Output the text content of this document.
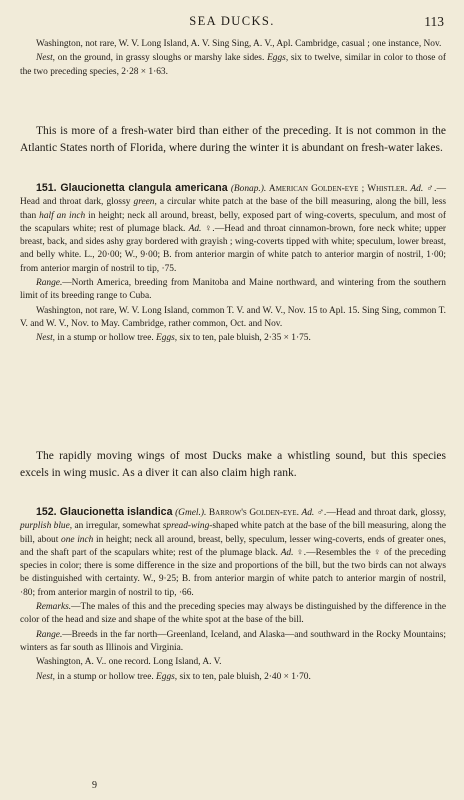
SEA DUCKS.	113

Washington, not rare, W. V. Long Island, A. V. Sing Sing, A. V., Apl. Cambridge, casual ; one instance, Nov.

Nest, on the ground, in grassy sloughs or marshy lake sides. Eggs, six to twelve, similar in color to those of the two preceding species, 2·28 × 1·63.

This is more of a fresh-water bird than either of the preceding. It is not common in the Atlantic States north of Florida, where during the winter it is abundant on fresh-water lakes.

151. Glaucionetta clangula americana (Bonap.). American Golden-eye ; Whistler. Ad. ♂.—Head and throat dark, glossy green, a circular white patch at the base of the bill measuring, along the bill, less than half an inch in height; neck all around, breast, belly, exposed part of wing-coverts, speculum, and most of the scapulars white; rest of plumage black. Ad. ♀.—Head and throat cinnamon-brown, fore neck white; upper breast, back, and sides ashy gray bordered with grayish ; wing-coverts tipped with white; speculum, lower breast, and belly white. L., 20·00; W., 9·00; B. from anterior margin of white patch to anterior margin of nostril, 1·00; from anterior margin of nostril to tip, ·75.

Range.—North America, breeding from Manitoba and Maine northward, and wintering from the southern limit of its breeding range to Cuba.

Washington, not rare, W. V. Long Island, common T. V. and W. V., Nov. 15 to Apl. 15. Sing Sing, common T. V. and W. V., Nov. to May. Cambridge, rather common, Oct. and Nov.

Nest, in a stump or hollow tree. Eggs, six to ten, pale bluish, 2·35 × 1·75.

The rapidly moving wings of most Ducks make a whistling sound, but this species excels in wing music. As a diver it can also claim high rank.

152. Glaucionetta islandica (Gmel.). Barrow's Golden-eye. Ad. ♂.—Head and throat dark, glossy, purplish blue, an irregular, somewhat spread-wing-shaped white patch at the base of the bill measuring, along the bill, about one inch in height; neck all around, breast, belly, speculum, lesser wing-coverts, ends of greater ones, and the shaft part of the scapulars white; rest of the plumage black. Ad. ♀.—Resembles the ♀ of the preceding species in color; there is some difference in the size and proportions of the bill, but the two birds can not always be distinguished with certainty. W., 9·25; B. from anterior margin of white patch to anterior margin of nostril, ·80; from anterior margin of nostril to tip, ·66.

Remarks.—The males of this and the preceding species may always be distinguished by the difference in the color of the head and size and shape of the white spot at the base of the bill.

Range.—Breeds in the far north—Greenland, Iceland, and Alaska—and southward in the Rocky Mountains; winters as far south as Illinois and Virginia.

Washington, A. V.. one record. Long Island, A. V.

Nest, in a stump or hollow tree. Eggs, six to ten, pale bluish, 2·40 × 1·70.

9
